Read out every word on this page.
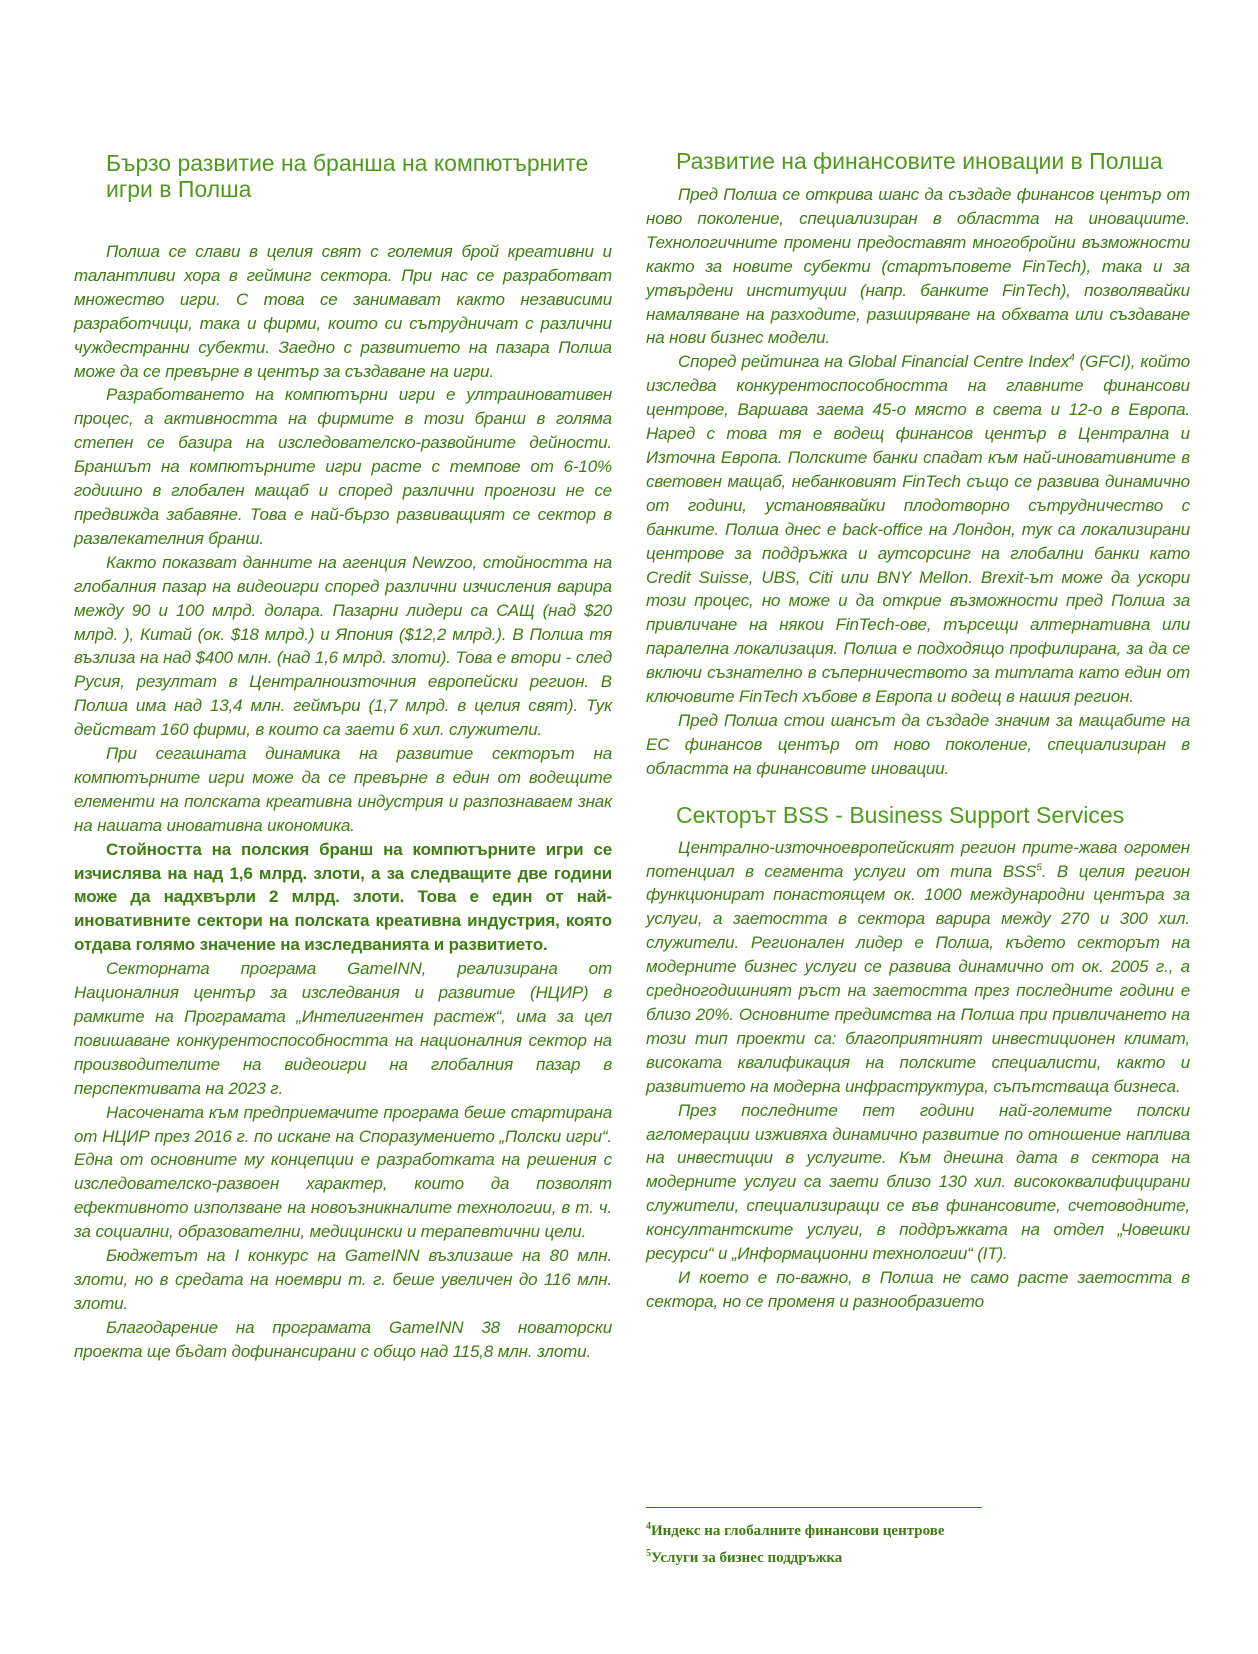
Бързо развитие на бранша на компютърните игри в Полша

Полша се слави в целия свят с големия брой креативни и талантливи хора в гейминг сектора. При нас се разработват множество игри. С това се занимават както независими разработчици, така и фирми, които си сътрудничат с различни чуждестранни субекти. Заедно с развитието на пазара Полша може да се превърне в център за създаване на игри.

Разработването на компютърни игри е ултраиновативен процес, а активността на фирмите в този бранш в голяма степен се базира на изследователско-развойните дейности. Браншът на компютърните игри расте с темпове от 6-10% годишно в глобален мащаб и според различни прогнози не се предвижда забавяне. Това е най-бързо развиващият се сектор в развлекателния бранш.

Както показват данните на агенция Newzoo, стойността на глобалния пазар на видеоигри според различни изчисления варира между 90 и 100 млрд. долара. Пазарни лидери са САЩ (над $20 млрд. ), Китай (ок. $18 млрд.) и Япония ($12,2 млрд.). В Полша тя възлиза на над $400 млн. (над 1,6 млрд. злоти). Това е втори - след Русия, резултат в Централноизточния европейски регион. В Полша има над 13,4 млн. геймъри (1,7 млрд. в целия свят). Тук действат 160 фирми, в които са заети 6 хил. служители.

При сегашната динамика на развитие секторът на компютърните игри може да се превърне в един от водещите елементи на полската креативна индустрия и разпознаваем знак на нашата иновативна икономика.

Стойността на полския бранш на компютърните игри се изчислява на над 1,6 млрд. злоти, а за следващите две години може да надхвърли 2 млрд. злоти. Това е един от най-иновативните сектори на полската креативна индустрия, която отдава голямо значение на изследванията и развитието.

Секторната програма GameINN, реализирана от Националния център за изследвания и развитие (НЦИР) в рамките на Програмата „Интелигентен растеж“, има за цел повишаване конкурентоспособността на националния сектор на производителите на видеоигри на глобалния пазар в перспективата на 2023 г.

Насочената към предприемачите програма беше стартирана от НЦИР през 2016 г. по искане на Споразумението „Полски игри“. Една от основните му концепции е разработката на решения с изследователско-развоен характер, които да позволят ефективното използване на новоъзникналите технологии, в т. ч. за социални, образователни, медицински и терапевтични цели.

Бюджетът на I конкурс на GameINN възлизаше на 80 млн. злоти, но в средата на ноември т. г. беше увеличен до 116 млн. злоти.

Благодарение на програмата GameINN 38 новаторски проекта ще бъдат дофинансирани с общо над 115,8 млн. злоти.

Развитие на финансовите иновации в Полша

Пред Полша се открива шанс да създаде финансов център от ново поколение, специализиран в областта на иновациите. Технологичните промени предоставят многобройни възможности както за новите субекти (стартъпoвете FinTech), така и за утвърдени институции (напр. банките FinTech), позволявайки намаляване на разходите, разширяване на обхвата или създаване на нови бизнес модели.

Според рейтинга на Global Financial Centre Index$^4$ (GFCI), който изследва конкурентоспособността на главните финансови центрове, Варшава заема 45-о място в света и 12-о в Европа. Наред с това тя е водещ финансов център в Централна и Източна Европа. Полските банки спадат към най-иновативните в световен мащаб, небанковият FinTech също се развива динамично от години, установявайки плодотворно сътрудничество с банките. Полша днес е back-office на Лондон, тук са локализирани центрове за поддръжка и аутсорсинг на глобални банки като Credit Suisse, UBS, Citi или BNY Mellon. Brexit-ът може да ускори този процес, но може и да открие възможности пред Полша за привличане на някои FinTech-ове, търсещи алтернативна или паралелна локализация. Полша е подходящо профилирана, за да се включи съзнателно в съперничеството за титлата като един от ключовите FinTech хъбове в Европа и водещ в нашия регион.

Пред Полша стои шансът да създаде значим за мащабите на ЕС финансов център от ново поколение, специализиран в областта на финансовите иновации.

Секторът BSS - Business Support Services

Централно-източноевропейският регион прите-жава огромен потенциал в сегмента услуги от типа BSS$^5$. В целия регион функционират понастоящем ок. 1000 международни центъра за услуги, а заетостта в сектора варира между 270 и 300 хил. служители. Регионален лидер е Полша, където секторът на модерните бизнес услуги се развива динамично от ок. 2005 г., а средногодишният ръст на заетостта през последните години е близо 20%. Основните предимства на Полша при привличането на този тип проекти са: благоприятният инвестиционен климат, високата квалификация на полските специалисти, както и развитието на модерна инфраструктура, съпътстваща бизнеса.

През последните пет години най-големите полски агломерации изживяха динамично развитие по отношение наплива на инвестиции в услугите. Към днешна дата в сектора на модерните услуги са заети близо 130 хил. висококвалифицирани служители, специализиращи се във финансовите, счетоводните, консултантските услуги, в поддръжката на отдел „Човешки ресурси“ и „Информационни технологии“ (IT).

И което е по-важно, в Полша не само расте заетостта в сектора, но се променя и разнообразието

$^4$Индекс на глобалните финансови центрове
$^5$Услуги за бизнес поддръжка
